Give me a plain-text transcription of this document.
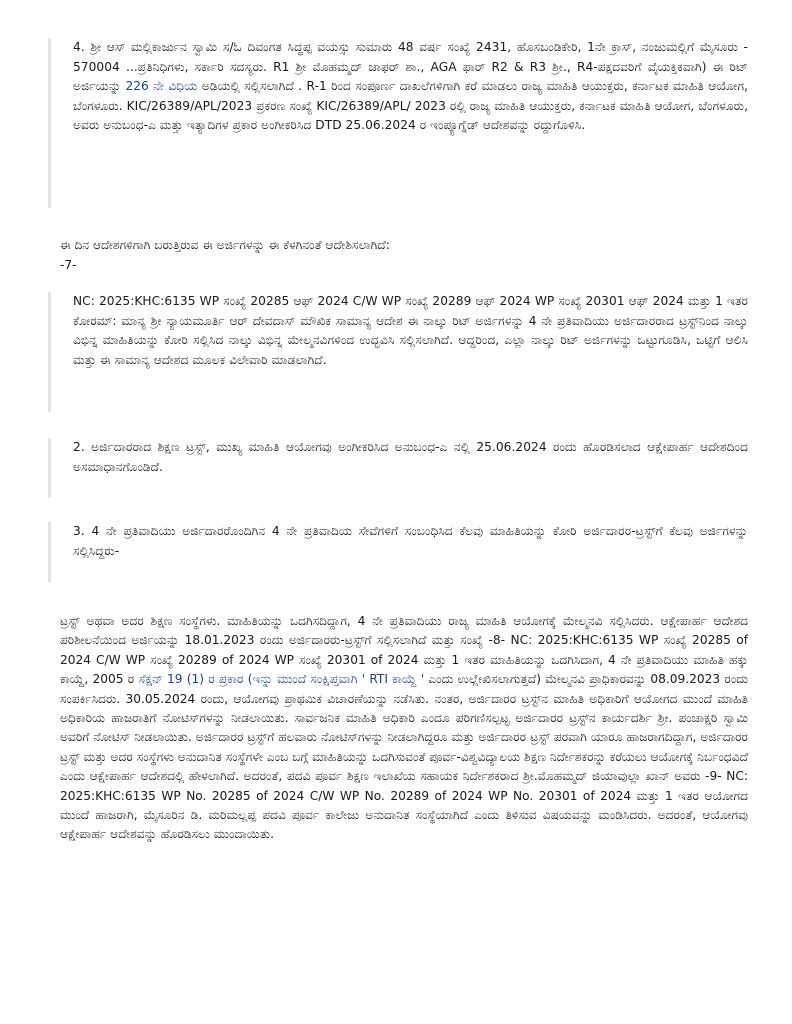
4. ಶ್ರೀ ಆಸ್ ಮಲ್ಲಿಕಾರ್ಜುನ ಸ್ವಾಮಿ ಸ/ಓ ದಿವಂಗತ ಸಿದ್ಧಪ್ಪ ವಯಸ್ಸು ಸುಮಾರು 48 ವರ್ಷ ಸಂಖ್ಯೆ 2431, ಹೊಸಬಂಡಿಕೇರಿ, 1ನೇ ಕ್ರಾಸ್, ನಂಜುಮಲ್ಲಿಗೆ ಮೈಸೂರು - 570004 ...ಪ್ರತಿನಿಧಿಗಳು, ಸರ್ಕಾರಿ ಸದಸ್ಯರು. R1 ಶ್ರೀ ಮೊಹಮ್ಮದ್ ಜಾಫರ್ ಶಾ., AGA ಫಾರ್ R2 & R3 ಶ್ರೀ., R4-ಪಕ್ಷದವರಿಗೆ ವೈಯಕ್ತಿಕವಾಗಿ) ಈ ರಿಟ್ ಅರ್ಜಿಯನ್ನು 226 ನೇ ವಿಧಿಯ ಅಡಿಯಲ್ಲಿ ಸಲ್ಲಿಸಲಾಗಿದೆ . R-1 ರಿಂದ ಸಂಪೂರ್ಣ ದಾಖಲೆಗಳಿಗಾಗಿ ಕರೆ ಮಾಡಲು ರಾಜ್ಯ ಮಾಹಿತಿ ಆಯುಕ್ತರು, ಕರ್ನಾಟಕ ಮಾಹಿತಿ ಆಯೋಗ, ಬೆಂಗಳೂರು. KIC/26389/APL/2023 ಪ್ರಕರಣ ಸಂಖ್ಯೆ KIC/26389/APL/ 2023 ರಲ್ಲಿ ರಾಜ್ಯ ಮಾಹಿತಿ ಆಯುಕ್ತರು, ಕರ್ನಾಟಕ ಮಾಹಿತಿ ಆಯೋಗ, ಬೆಂಗಳೂರು, ಅವರು ಅನುಬಂಧ-ಎ ಮತ್ತು ಇತ್ಯಾದಿಗಳ ಪ್ರಕಾರ ಅಂಗೀಕರಿಸಿದ DTD 25.06.2024 ರ ಇಂಪ್ಯೂಗ್ನೆಡ್ ಆದೇಶವನ್ನು ರದ್ದುಗೊಳಿಸಿ.

ಈ ದಿನ ಆದೇಶಗಳಿಗಾಗಿ ಬರುತ್ತಿರುವ ಈ ಅರ್ಜಿಗಳನ್ನು ಈ ಕೆಳಗಿನಂತೆ ಆದೇಶಿಸಲಾಗಿದೆ:

-7-

NC: 2025:KHC:6135 WP ಸಂಖ್ಯೆ 20285 ಆಫ್ 2024 C/W WP ಸಂಖ್ಯೆ 20289 ಆಫ್ 2024 WP ಸಂಖ್ಯೆ 20301 ಆಫ್ 2024 ಮತ್ತು 1 ಇತರ ಕೋರಮ್: ಮಾನ್ಯ ಶ್ರೀ ನ್ಯಾಯಮೂರ್ತಿ ಆರ್ ದೇವದಾಸ್ ಮೌಖಿಕ ಸಾಮಾನ್ಯ ಆದೇಶ ಈ ನಾಲ್ಕು ರಿಟ್ ಅರ್ಜಿಗಳನ್ನು 4 ನೇ ಪ್ರತಿವಾದಿಯು ಅರ್ಜಿದಾರರಾದ ಟ್ರಸ್ಟ್‌ನಿಂದ ನಾಲ್ಕು ವಿಭಿನ್ನ ಮಾಹಿತಿಯನ್ನು ಕೋರಿ ಸಲ್ಲಿಸಿದ ನಾಲ್ಕು ವಿಭಿನ್ನ ಮೇಲ್ಮನವಿಗಳಿಂದ ಉದ್ಭವಿಸಿ ಸಲ್ಲಿಸಲಾಗಿದೆ. ಆದ್ದರಿಂದ, ಎಲ್ಲಾ ನಾಲ್ಕು ರಿಟ್ ಅರ್ಜಿಗಳನ್ನು ಒಟ್ಟುಗೂಡಿಸಿ, ಒಟ್ಟಿಗೆ ಆಲಿಸಿ ಮತ್ತು ಈ ಸಾಮಾನ್ಯ ಆದೇಶದ ಮೂಲಕ ವಿಲೇವಾರಿ ಮಾಡಲಾಗಿದೆ.

2. ಅರ್ಜಿದಾರರಾದ ಶಿಕ್ಷಣ ಟ್ರಸ್ಟ್, ಮುಖ್ಯ ಮಾಹಿತಿ ಆಯೋಗವು ಅಂಗೀಕರಿಸಿದ ಅನುಬಂಧ-ಎ ನಲ್ಲಿ 25.06.2024 ರಂದು ಹೊರಡಿಸಲಾದ ಆಕ್ಷೇಪಾರ್ಹ ಆದೇಶದಿಂದ ಅಸಮಾಧಾನಗೊಂಡಿದೆ.

3. 4 ನೇ ಪ್ರತಿವಾದಿಯು ಅರ್ಜಿದಾರರೊಂದಿಗಿನ 4 ನೇ ಪ್ರತಿವಾದಿಯ ಸೇವೆಗಳಿಗೆ ಸಂಬಂಧಿಸಿದ ಕೆಲವು ಮಾಹಿತಿಯನ್ನು ಕೋರಿ ಅರ್ಜಿದಾರರ-ಟ್ರಸ್ಟ್‌ಗೆ ಕೆಲವು ಅರ್ಜಿಗಳನ್ನು ಸಲ್ಲಿಸಿದ್ದರು-

ಟ್ರಸ್ಟ್ ಅಥವಾ ಅದರ ಶಿಕ್ಷಣ ಸಂಸ್ಥೆಗಳು. ಮಾಹಿತಿಯನ್ನು ಒದಗಿಸದಿದ್ದಾಗ, 4 ನೇ ಪ್ರತಿವಾದಿಯು ರಾಜ್ಯ ಮಾಹಿತಿ ಆಯೋಗಕ್ಕೆ ಮೇಲ್ಮನವಿ ಸಲ್ಲಿಸಿದರು. ಆಕ್ಷೇಪಾರ್ಹ ಆದೇಶದ ಪರಿಶೀಲನೆಯಿಂದ ಅರ್ಜಿಯನ್ನು 18.01.2023 ರಂದು ಅರ್ಜಿದಾರರು-ಟ್ರಸ್ಟ್‌ಗೆ ಸಲ್ಲಿಸಲಾಗಿದೆ ಮತ್ತು ಸಂಖ್ಯೆ -8- NC: 2025:KHC:6135 WP ಸಂಖ್ಯೆ 20285 of 2024 C/W WP ಸಂಖ್ಯೆ 20289 of 2024 WP ಸಂಖ್ಯೆ 20301 of 2024 ಮತ್ತು 1 ಇತರ ಮಾಹಿತಿಯನ್ನು ಒದಗಿಸಿದಾಗ, 4 ನೇ ಪ್ರತಿವಾದಿಯು ಮಾಹಿತಿ ಹಕ್ಕು ಕಾಯ್ದೆ, 2005 ರ ಸೆಕ್ಷನ್ 19 (1) ರ ಪ್ರಕಾರ (ಇನ್ನು ಮುಂದೆ ಸಂಕ್ಷಿಪ್ತವಾಗಿ ' RTI ಕಾಯ್ದೆ ' ಎಂದು ಉಲ್ಲೇಖಿಸಲಾಗುತ್ತದೆ) ಮೇಲ್ಮನವಿ ಪ್ರಾಧಿಕಾರವನ್ನು 08.09.2023 ರಂದು ಸಂಪರ್ಕಿಸಿದರು. 30.05.2024 ರಂದು, ಆಯೋಗವು ಪ್ರಾಥಮಿಕ ವಿಚಾರಣೆಯನ್ನು ನಡೆಸಿತು. ನಂತರ, ಅರ್ಜಿದಾರರ ಟ್ರಸ್ಟ್‌ನ ಮಾಹಿತಿ ಅಧಿಕಾರಿಗೆ ಆಯೋಗದ ಮುಂದೆ ಮಾಹಿತಿ ಅಧಿಕಾರಿಯ ಹಾಜರಾತಿಗೆ ನೋಟಿಸ್‌ಗಳನ್ನು ನೀಡಲಾಯಿತು. ಸಾರ್ವಜನಿಕ ಮಾಹಿತಿ ಅಧಿಕಾರಿ ಎಂದೂ ಪರಿಗಣಿಸಲ್ಪಟ್ಟ ಅರ್ಜಿದಾರರ ಟ್ರಸ್ಟ್‌ನ ಕಾರ್ಯದರ್ಶಿ ಶ್ರೀ. ಪಂಚಾಕ್ಷರಿ ಸ್ವಾಮಿ ಅವರಿಗೆ ನೋಟಿಸ್ ನೀಡಲಾಯಿತು. ಅರ್ಜಿದಾರರ ಟ್ರಸ್ಟ್‌ಗೆ ಹಲವಾರು ನೋಟಿಸ್‌ಗಳನ್ನು ನೀಡಲಾಗಿದ್ದರೂ ಮತ್ತು ಅರ್ಜಿದಾರರ ಟ್ರಸ್ಟ್ ಪರವಾಗಿ ಯಾರೂ ಹಾಜರಾಗದಿದ್ದಾಗ, ಅರ್ಜಿದಾರರ ಟ್ರಸ್ಟ್ ಮತ್ತು ಅದರ ಸಂಸ್ಥೆಗಳು ಅನುದಾನಿತ ಸಂಸ್ಥೆಗಳೇ ಎಂಬ ಬಗ್ಗೆ ಮಾಹಿತಿಯನ್ನು ಒದಗಿಸುವಂತೆ ಪೂರ್ವ-ವಿಶ್ವವಿದ್ಯಾಲಯ ಶಿಕ್ಷಣ ನಿರ್ದೇಶಕರನ್ನು ಕರೆಯಲು ಆಯೋಗಕ್ಕೆ ನಿರ್ಬಂಧವಿದೆ ಎಂದು ಆಕ್ಷೇಪಾರ್ಹ ಆದೇಶದಲ್ಲಿ ಹೇಳಲಾಗಿದೆ. ಅದರಂತೆ, ಪದವಿ ಪೂರ್ವ ಶಿಕ್ಷಣ ಇಲಾಖೆಯ ಸಹಾಯಕ ನಿರ್ದೇಶಕರಾದ ಶ್ರೀ.ಮೊಹಮ್ಮದ್ ಜಿಯಾವುಲ್ಲಾ ಖಾನ್ ಅವರು -9- NC: 2025:KHC:6135 WP No. 20285 of 2024 C/W WP No. 20289 of 2024 WP No. 20301 of 2024 ಮತ್ತು 1 ಇತರ ಆಯೋಗದ ಮುಂದೆ ಹಾಜರಾಗಿ, ಮೈಸೂರಿನ ಡಿ. ಮರಿಮಲ್ಲಪ್ಪ ಪದವಿ ಪೂರ್ವ ಕಾಲೇಜು ಅನುದಾನಿತ ಸಂಸ್ಥೆಯಾಗಿದೆ ಎಂದು ತಿಳಿಸುವ ವಿಷಯವನ್ನು ಮಂಡಿಸಿದರು. ಅದರಂತೆ, ಆಯೋಗವು ಆಕ್ಷೇಪಾರ್ಹ ಆದೇಶವನ್ನು ಹೊರಡಿಸಲು ಮುಂದಾಯಿತು.
